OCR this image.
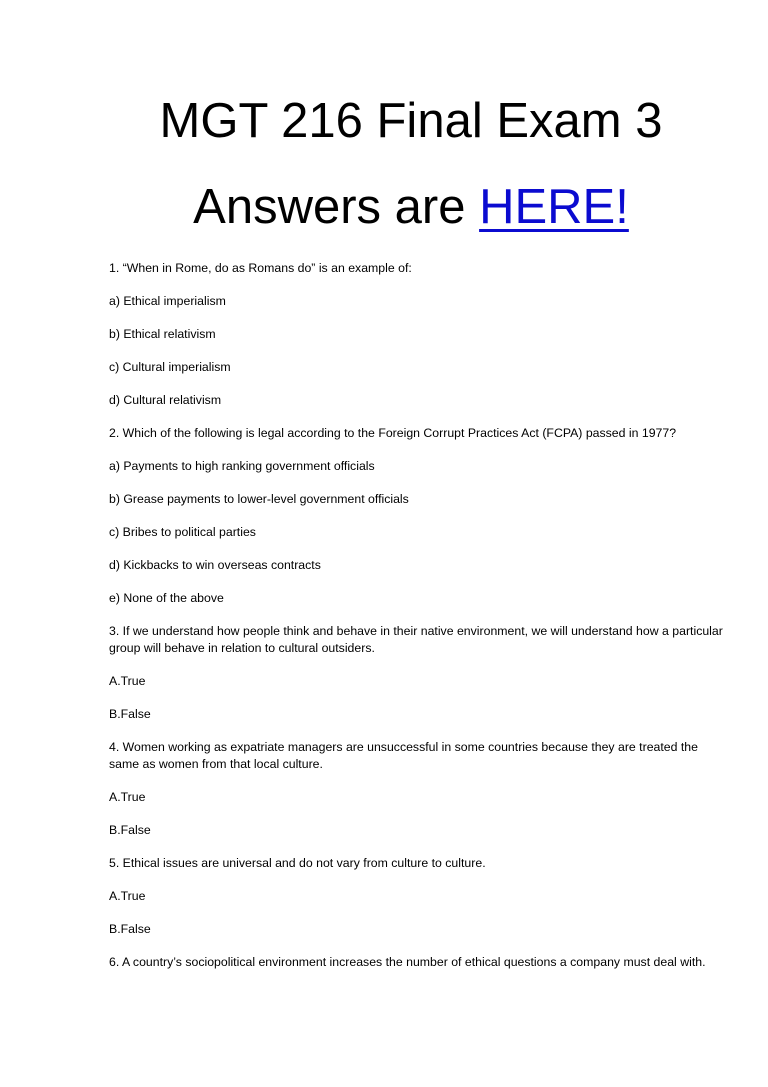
MGT 216 Final Exam 3
Answers are HERE!

1. “When in Rome, do as Romans do” is an example of:

a) Ethical imperialism

b) Ethical relativism

c) Cultural imperialism

d) Cultural relativism

2. Which of the following is legal according to the Foreign Corrupt Practices Act (FCPA) passed in 1977?

a) Payments to high ranking government officials

b) Grease payments to lower-level government officials

c) Bribes to political parties

d) Kickbacks to win overseas contracts

e) None of the above

3. If we understand how people think and behave in their native environment, we will understand how a particular group will behave in relation to cultural outsiders.

A.True

B.False

4. Women working as expatriate managers are unsuccessful in some countries because they are treated the same as women from that local culture.

A.True

B.False

5. Ethical issues are universal and do not vary from culture to culture.

A.True

B.False

6. A country’s sociopolitical environment increases the number of ethical questions a company must deal with.
